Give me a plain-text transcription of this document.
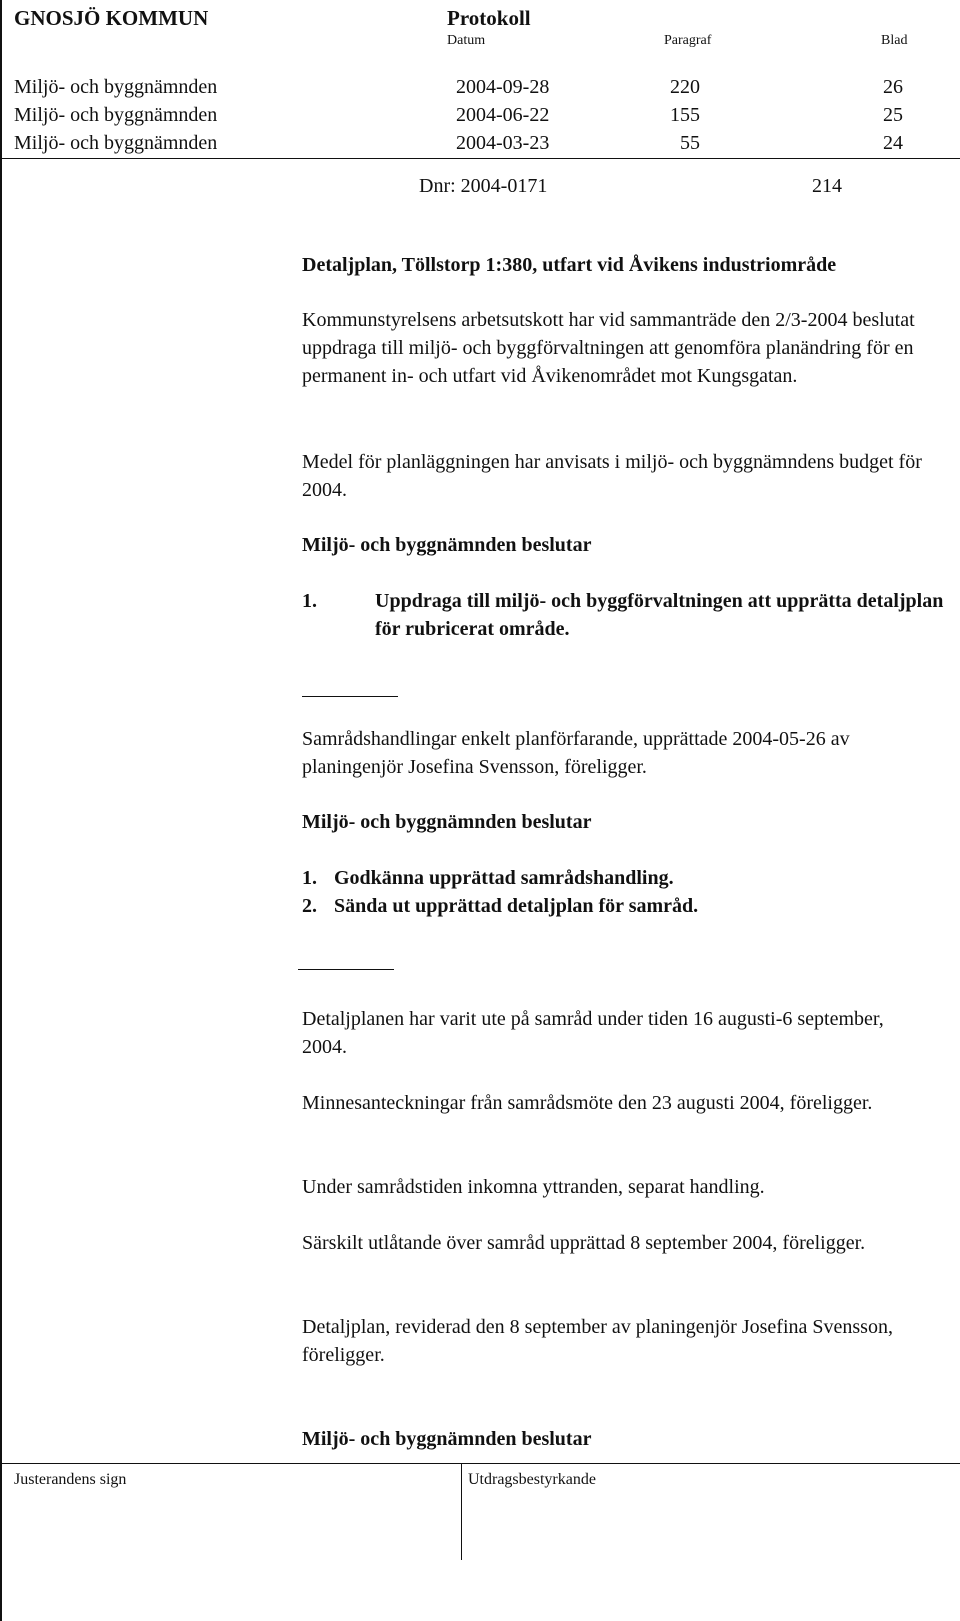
GNOSJÖ KOMMUN	Protokoll
Datum	Paragraf	Blad
Miljö- och byggnämnden	2004-09-28	220	26
Miljö- och byggnämnden	2004-06-22	155	25
Miljö- och byggnämnden	2004-03-23	55	24
Dnr: 2004-0171	214
Detaljplan, Töllstorp 1:380, utfart vid Åvikens industriområde
Kommunstyrelsens arbetsutskott har vid sammanträde den 2/3-2004 beslutat uppdraga till miljö- och byggförvaltningen att genomföra planändring för en permanent in- och utfart vid Åvikenområdet mot Kungsgatan.
Medel för planläggningen har anvisats i miljö- och byggnämndens budget för 2004.
Miljö- och byggnämnden beslutar
1.	Uppdraga till miljö- och byggförvaltningen att upprätta detaljplan för rubricerat område.
Samrådshandlingar enkelt planförfarande, upprättade 2004-05-26 av planingenjör Josefina Svensson, föreligger.
Miljö- och byggnämnden beslutar
1. Godkänna upprättad samrådshandling.
2. Sända ut upprättad detaljplan för samråd.
Detaljplanen har varit ute på samråd under tiden 16 augusti-6 september, 2004.
Minnesanteckningar från samrådsmöte den 23 augusti 2004, föreligger.
Under samrådstiden inkomna yttranden, separat handling.
Särskilt utlåtande över samråd upprättad 8 september 2004, föreligger.
Detaljplan, reviderad den 8 september av planingenjör Josefina Svensson, föreligger.
Miljö- och byggnämnden beslutar
Justerandens sign	Utdragsbestyrkande
